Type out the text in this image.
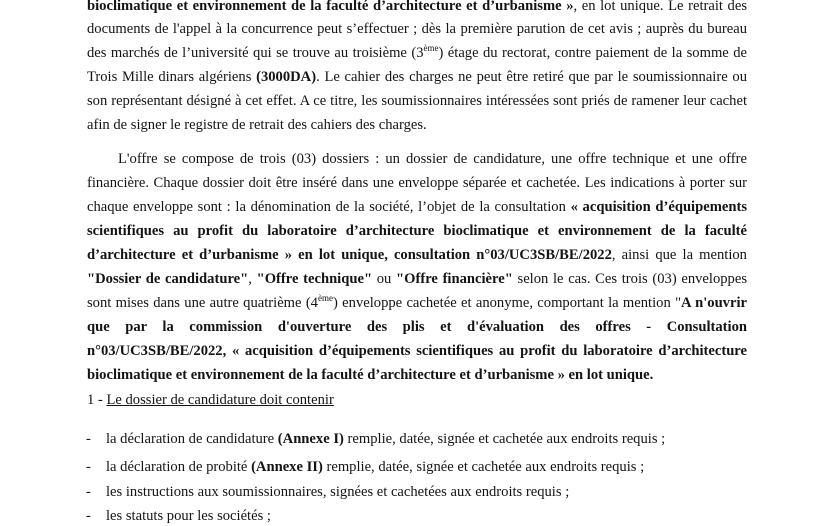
bioclimatique et environnement de la faculté d’architecture et d’urbanisme », en lot unique. Le retrait des
documents de l'appel à la concurrence peut s’effectuer ; dès la première parution de cet avis ; auprès du bureau
des marchés de l’université qui se trouve au troisième (3ème) étage du rectorat, contre paiement de la somme de
Trois Mille dinars algériens (3000DA). Le cahier des charges ne peut être retiré que par le soumissionnaire ou
son représentant désigné à cet effet. A ce titre, les soumissionnaires intéressées sont priés de ramener leur cachet
afin de signer le registre de retrait des cahiers des charges.
L'offre se compose de trois (03) dossiers : un dossier de candidature, une offre technique et une offre
financière. Chaque dossier doit être inséré dans une enveloppe séparée et cachetée. Les indications à porter sur
chaque enveloppe sont : la dénomination de la société, l’objet de la consultation « acquisition d’équipements
scientifiques au profit du laboratoire d’architecture bioclimatique et environnement de la faculté
d’architecture et d’urbanisme » en lot unique, consultation n°03/UC3SB/BE/2022, ainsi que la mention
"Dossier de candidature", "Offre technique" ou "Offre financière" selon le cas. Ces trois (03) enveloppes
sont mises dans une autre quatrième (4ème) enveloppe cachetée et anonyme, comportant la mention "A n'ouvrir
que par la commission d'ouverture des plis et d'évaluation des offres - Consultation
n°03/UC3SB/BE/2022, « acquisition d’équipements scientifiques au profit du laboratoire d’architecture
bioclimatique et environnement de la faculté d’architecture et d’urbanisme » en lot unique.
1 - Le dossier de candidature doit contenir
- la déclaration de candidature (Annexe I) remplie, datée, signée et cachetée aux endroits requis ;
- la déclaration de probité (Annexe II) remplie, datée, signée et cachetée aux endroits requis ;
- les instructions aux soumissionnaires, signées et cachetées aux endroits requis ;
- les statuts pour les sociétés ;
